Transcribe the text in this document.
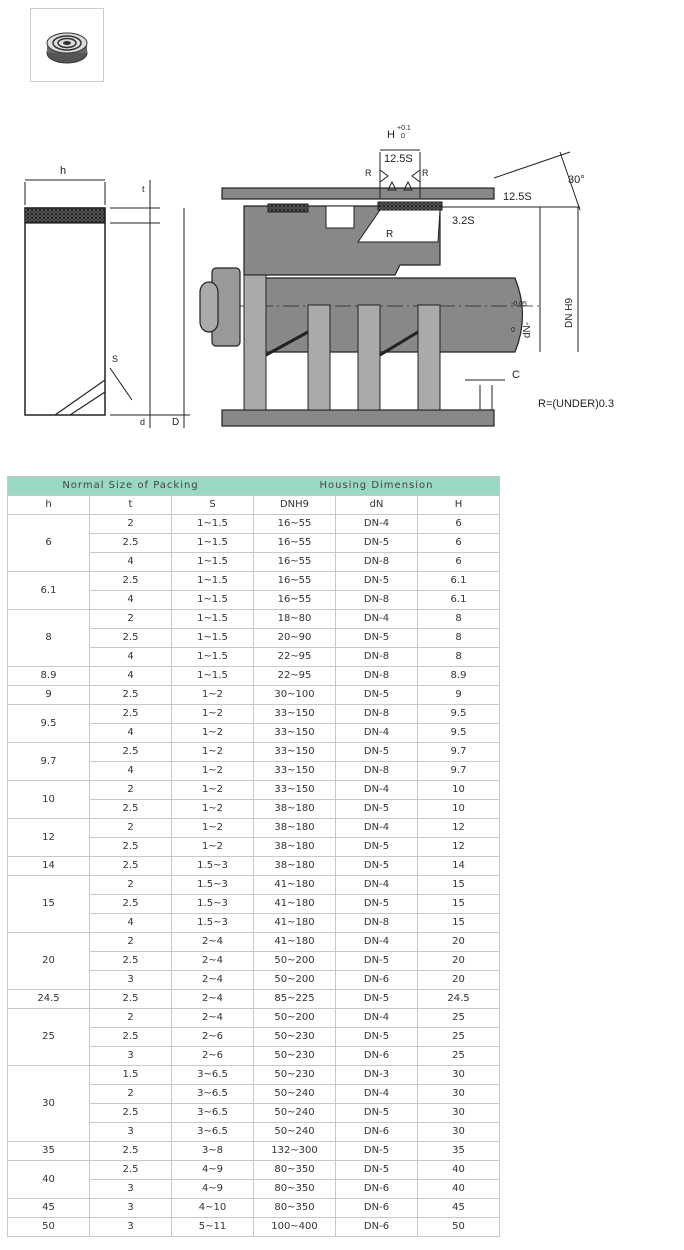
h
t
S
d	D
H
+0.1
0
12.5S
R	R
R
30°
12.5S
3.2S
0
-0.05
dN-
DN H9
C
R=(UNDER)0.3
Normal Size of Packing			Housing Dimension		
h	t	S	DNH9	dN	H
6	2	1~1.5	16~55	DN-4	6
	2.5	1~1.5	16~55	DN-5	6
	4	1~1.5	16~55	DN-8	6
6.1	2.5	1~1.5	16~55	DN-5	6.1
	4	1~1.5	16~55	DN-8	6.1
8	2	1~1.5	18~80	DN-4	8
	2.5	1~1.5	20~90	DN-5	8
	4	1~1.5	22~95	DN-8	8
8.9	4	1~1.5	22~95	DN-8	8.9
9	2.5	1~2	30~100	DN-5	9
9.5	2.5	1~2	33~150	DN-8	9.5
	4	1~2	33~150	DN-4	9.5
9.7	2.5	1~2	33~150	DN-5	9.7
	4	1~2	33~150	DN-8	9.7
10	2	1~2	33~150	DN-4	10
	2.5	1~2	38~180	DN-5	10
12	2	1~2	38~180	DN-4	12
	2.5	1~2	38~180	DN-5	12
14	2.5	1.5~3	38~180	DN-5	14
15	2	1.5~3	41~180	DN-4	15
	2.5	1.5~3	41~180	DN-5	15
	4	1.5~3	41~180	DN-8	15
20	2	2~4	41~180	DN-4	20
	2.5	2~4	50~200	DN-5	20
	3	2~4	50~200	DN-6	20
24.5	2.5	2~4	85~225	DN-5	24.5
25	2	2~4	50~200	DN-4	25
	2.5	2~6	50~230	DN-5	25
	3	2~6	50~230	DN-6	25
30	1.5	3~6.5	50~230	DN-3	30
	2	3~6.5	50~240	DN-4	30
	2.5	3~6.5	50~240	DN-5	30
	3	3~6.5	50~240	DN-6	30
35	2.5	3~8	132~300	DN-5	35
40	2.5	4~9	80~350	DN-5	40
	3	4~9	80~350	DN-6	40
45	3	4~10	80~350	DN-6	45
50	3	5~11	100~400	DN-6	50
